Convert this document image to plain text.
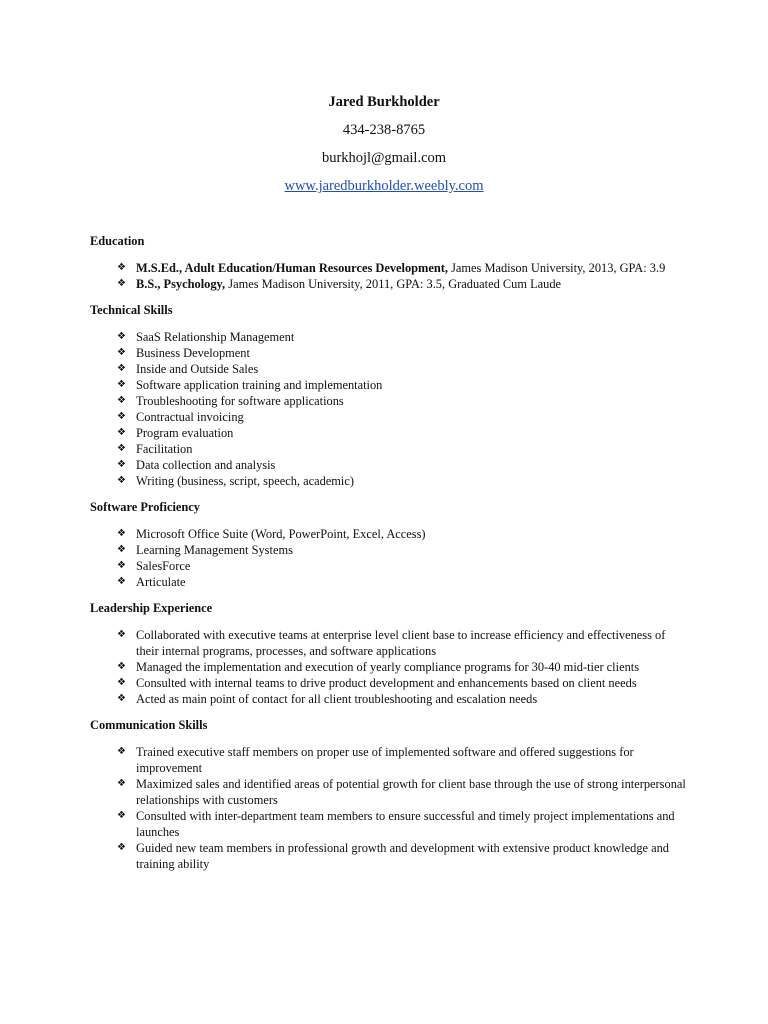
Jared Burkholder
434-238-8765
burkhojl@gmail.com
www.jaredburkholder.weebly.com
Education
❖ M.S.Ed., Adult Education/Human Resources Development, James Madison University, 2013, GPA: 3.9
❖ B.S., Psychology, James Madison University, 2011, GPA: 3.5, Graduated Cum Laude
Technical Skills
❖ SaaS Relationship Management
❖ Business Development
❖ Inside and Outside Sales
❖ Software application training and implementation
❖ Troubleshooting for software applications
❖ Contractual invoicing
❖ Program evaluation
❖ Facilitation
❖ Data collection and analysis
❖ Writing (business, script, speech, academic)
Software Proficiency
❖ Microsoft Office Suite (Word, PowerPoint, Excel, Access)
❖ Learning Management Systems
❖ SalesForce
❖ Articulate
Leadership Experience
❖ Collaborated with executive teams at enterprise level client base to increase efficiency and effectiveness of their internal programs, processes, and software applications
❖ Managed the implementation and execution of yearly compliance programs for 30-40 mid-tier clients
❖ Consulted with internal teams to drive product development and enhancements based on client needs
❖ Acted as main point of contact for all client troubleshooting and escalation needs
Communication Skills
❖ Trained executive staff members on proper use of implemented software and offered suggestions for improvement
❖ Maximized sales and identified areas of potential growth for client base through the use of strong interpersonal relationships with customers
❖ Consulted with inter-department team members to ensure successful and timely project implementations and launches
❖ Guided new team members in professional growth and development with extensive product knowledge and training ability
